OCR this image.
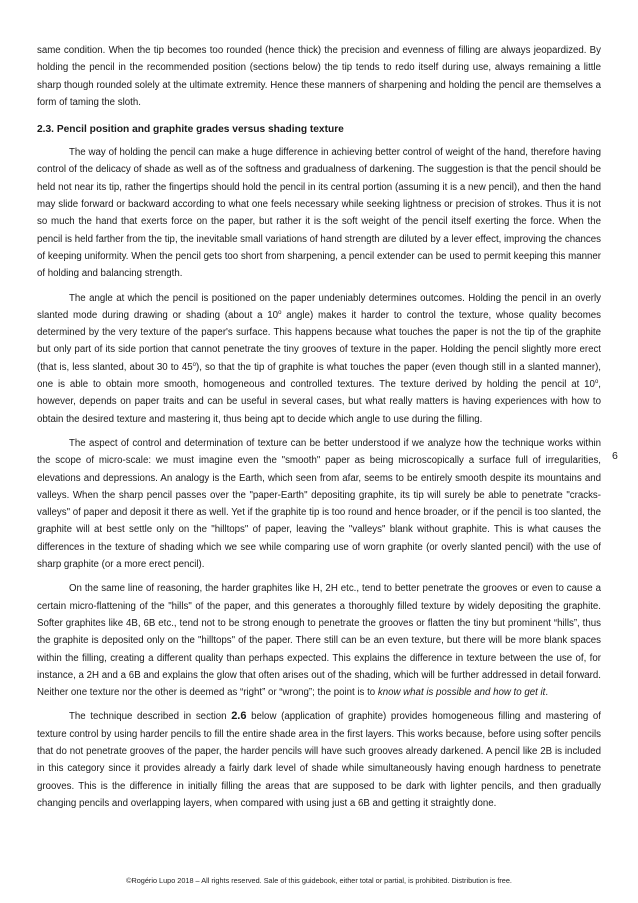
same condition. When the tip becomes too rounded (hence thick) the precision and evenness of filling are always jeopardized. By holding the pencil in the recommended position (sections below) the tip tends to redo itself during use, always remaining a little sharp though rounded solely at the ultimate extremity. Hence these manners of sharpening and holding the pencil are themselves a form of taming the sloth.

2.3. Pencil position and graphite grades versus shading texture

The way of holding the pencil can make a huge difference in achieving better control of weight of the hand, therefore having control of the delicacy of shade as well as of the softness and gradualness of darkening. The suggestion is that the pencil should be held not near its tip, rather the fingertips should hold the pencil in its central portion (assuming it is a new pencil), and then the hand may slide forward or backward according to what one feels necessary while seeking lightness or precision of strokes. Thus it is not so much the hand that exerts force on the paper, but rather it is the soft weight of the pencil itself exerting the force. When the pencil is held farther from the tip, the inevitable small variations of hand strength are diluted by a lever effect, improving the chances of keeping uniformity. When the pencil gets too short from sharpening, a pencil extender can be used to permit keeping this manner of holding and balancing strength.

The angle at which the pencil is positioned on the paper undeniably determines outcomes. Holding the pencil in an overly slanted mode during drawing or shading (about a 10$^o$ angle) makes it harder to control the texture, whose quality becomes determined by the very texture of the paper's surface. This happens because what touches the paper is not the tip of the graphite but only part of its side portion that cannot penetrate the tiny grooves of texture in the paper. Holding the pencil slightly more erect (that is, less slanted, about 30 to 45$^o$), so that the tip of graphite is what touches the paper (even though still in a slanted manner), one is able to obtain more smooth, homogeneous and controlled textures. The texture derived by holding the pencil at 10$^o$, however, depends on paper traits and can be useful in several cases, but what really matters is having experiences with how to obtain the desired texture and mastering it, thus being apt to decide which angle to use during the filling.

The aspect of control and determination of texture can be better understood if we analyze how the technique works within the scope of micro-scale: we must imagine even the "smooth" paper as being microscopically a surface full of irregularities, elevations and depressions. An analogy is the Earth, which seen from afar, seems to be entirely smooth despite its mountains and valleys. When the sharp pencil passes over the "paper-Earth" depositing graphite, its tip will surely be able to penetrate "cracks-valleys" of paper and deposit it there as well. Yet if the graphite tip is too round and hence broader, or if the pencil is too slanted, the graphite will at best settle only on the "hilltops" of paper, leaving the "valleys" blank without graphite. This is what causes the differences in the texture of shading which we see while comparing use of worn graphite (or overly slanted pencil) with the use of sharp graphite (or a more erect pencil).

On the same line of reasoning, the harder graphites like H, 2H etc., tend to better penetrate the grooves or even to cause a certain micro-flattening of the "hills" of the paper, and this generates a thoroughly filled texture by widely depositing the graphite. Softer graphites like 4B, 6B etc., tend not to be strong enough to penetrate the grooves or flatten the tiny but prominent “hills”, thus the graphite is deposited only on the "hilltops" of the paper. There still can be an even texture, but there will be more blank spaces within the filling, creating a different quality than perhaps expected. This explains the difference in texture between the use of, for instance, a 2H and a 6B and explains the glow that often arises out of the shading, which will be further addressed in detail forward. Neither one texture nor the other is deemed as “right” or “wrong”; the point is to know what is possible and how to get it.

The technique described in section 2.6 below (application of graphite) provides homogeneous filling and mastering of texture control by using harder pencils to fill the entire shade area in the first layers. This works because, before using softer pencils that do not penetrate grooves of the paper, the harder pencils will have such grooves already darkened. A pencil like 2B is included in this category since it provides already a fairly dark level of shade while simultaneously having enough hardness to penetrate grooves. This is the difference in initially filling the areas that are supposed to be dark with lighter pencils, and then gradually changing pencils and overlapping layers, when compared with using just a 6B and getting it straightly done.

6
©Rogério Lupo 2018 – All rights reserved. Sale of this guidebook, either total or partial, is prohibited. Distribution is free.
